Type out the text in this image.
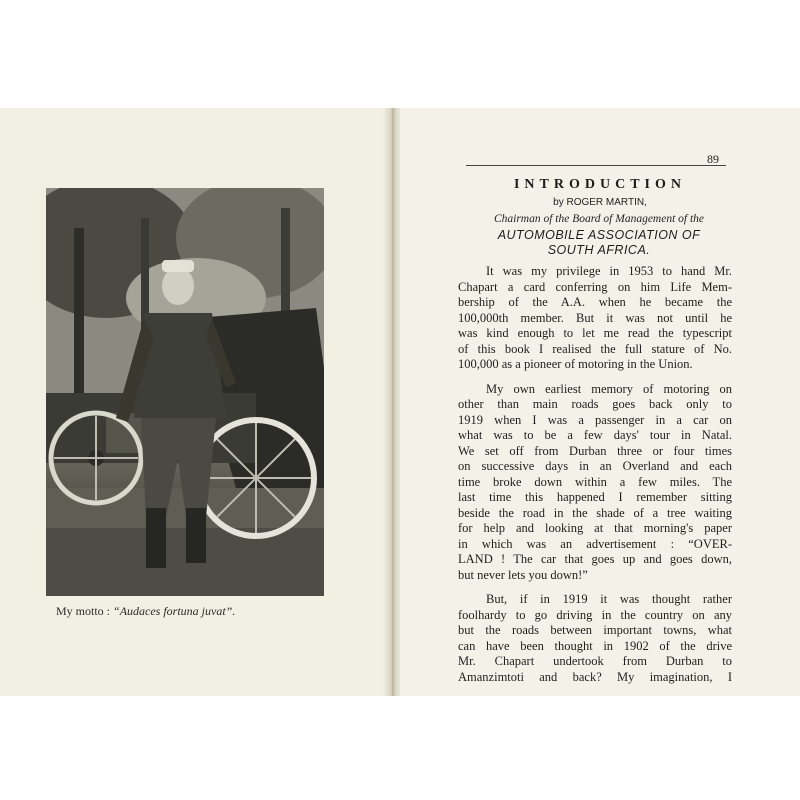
My motto : “Audaces fortuna juvat”.
89
INTRODUCTION
by ROGER MARTIN,
Chairman of the Board of Management of the
AUTOMOBILE ASSOCIATION OF
SOUTH AFRICA.
It was my privilege in 1953 to hand Mr.
Chapart a card conferring on him Life Mem-
bership of the A.A. when he became the
100,000th member. But it was not until he
was kind enough to let me read the typescript
of this book I realised the full stature of No.
100,000 as a pioneer of motoring in the Union.
My own earliest memory of motoring on
other than main roads goes back only to
1919 when I was a passenger in a car on
what was to be a few days' tour in Natal.
We set off from Durban three or four times
on successive days in an Overland and each
time broke down within a few miles. The
last time this happened I remember sitting
beside the road in the shade of a tree waiting
for help and looking at that morning's paper
in which was an advertisement : “OVER-
LAND ! The car that goes up and goes down,
but never lets you down!”
But, if in 1919 it was thought rather
foolhardy to go driving in the country on any
but the roads between important towns, what
can have been thought in 1902 of the drive
Mr. Chapart undertook from Durban to
Amanzimtoti and back? My imagination, I
